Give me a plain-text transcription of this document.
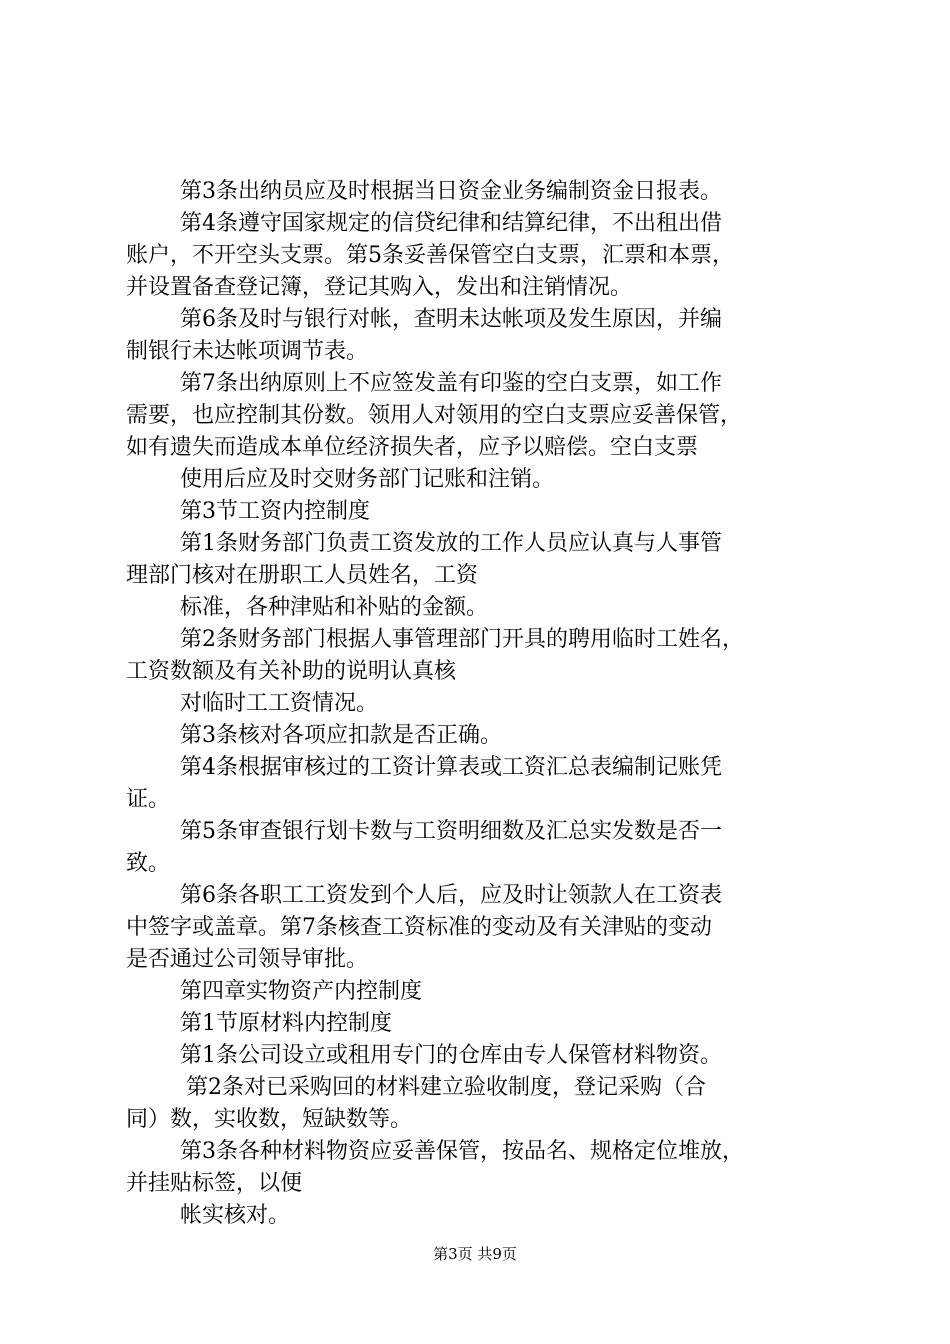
第3条出纳员应及时根据当日资金业务编制资金日报表。
第4条遵守国家规定的信贷纪律和结算纪律，不出租出借
账户，不开空头支票。第5条妥善保管空白支票，汇票和本票，
并设置备查登记簿，登记其购入，发出和注销情况。
第6条及时与银行对帐，查明未达帐项及发生原因，并编
制银行未达帐项调节表。
第7条出纳原则上不应签发盖有印鉴的空白支票，如工作
需要，也应控制其份数。领用人对领用的空白支票应妥善保管，
如有遗失而造成本单位经济损失者，应予以赔偿。空白支票
使用后应及时交财务部门记账和注销。
第3节工资内控制度
第1条财务部门负责工资发放的工作人员应认真与人事管
理部门核对在册职工人员姓名，工资
标准，各种津贴和补贴的金额。
第2条财务部门根据人事管理部门开具的聘用临时工姓名，
工资数额及有关补助的说明认真核
对临时工工资情况。
第3条核对各项应扣款是否正确。
第4条根据审核过的工资计算表或工资汇总表编制记账凭
证。
第5条审查银行划卡数与工资明细数及汇总实发数是否一
致。
第6条各职工工资发到个人后，应及时让领款人在工资表
中签字或盖章。第7条核查工资标准的变动及有关津贴的变动
是否通过公司领导审批。
第四章实物资产内控制度
第1节原材料内控制度
第1条公司设立或租用专门的仓库由专人保管材料物资。
第2条对已采购回的材料建立验收制度，登记采购（合
同）数，实收数，短缺数等。
第3条各种材料物资应妥善保管，按品名、规格定位堆放，
并挂贴标签，以便
帐实核对。
第3页 共9页
